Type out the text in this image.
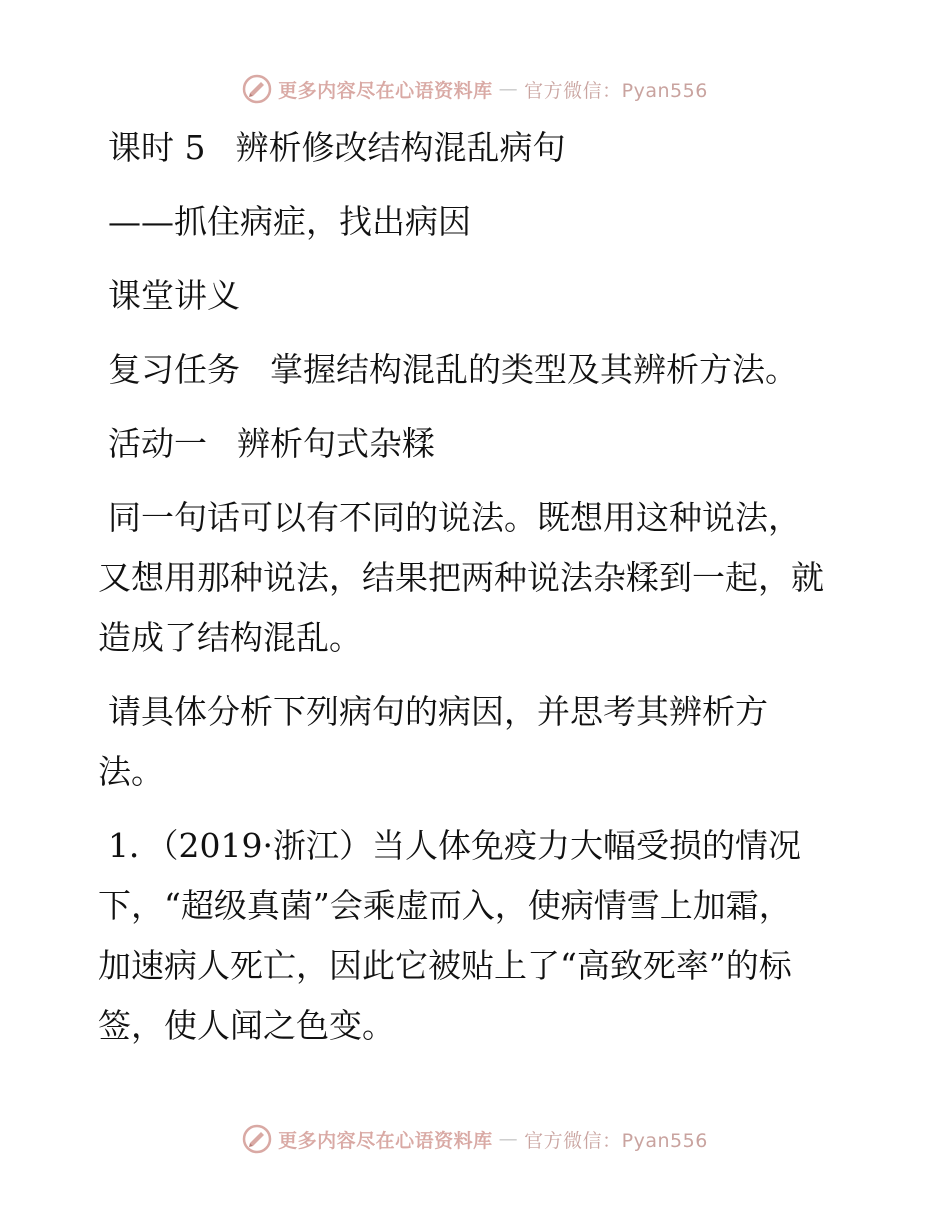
更多内容尽在心语资料库 — 官方微信：Pyan556
课时 5 辨析修改结构混乱病句
——抓住病症，找出病因
课堂讲义
复习任务 掌握结构混乱的类型及其辨析方法。
活动一 辨析句式杂糅
同一句话可以有不同的说法。既想用这种说法，
又想用那种说法，结果把两种说法杂糅到一起，就
造成了结构混乱。
请具体分析下列病句的病因，并思考其辨析方
法。
1．（2019·浙江）当人体免疫力大幅受损的情况
下，“超级真菌”会乘虚而入，使病情雪上加霜，
加速病人死亡，因此它被贴上了“高致死率”的标
签，使人闻之色变。
更多内容尽在心语资料库 — 官方微信：Pyan556
